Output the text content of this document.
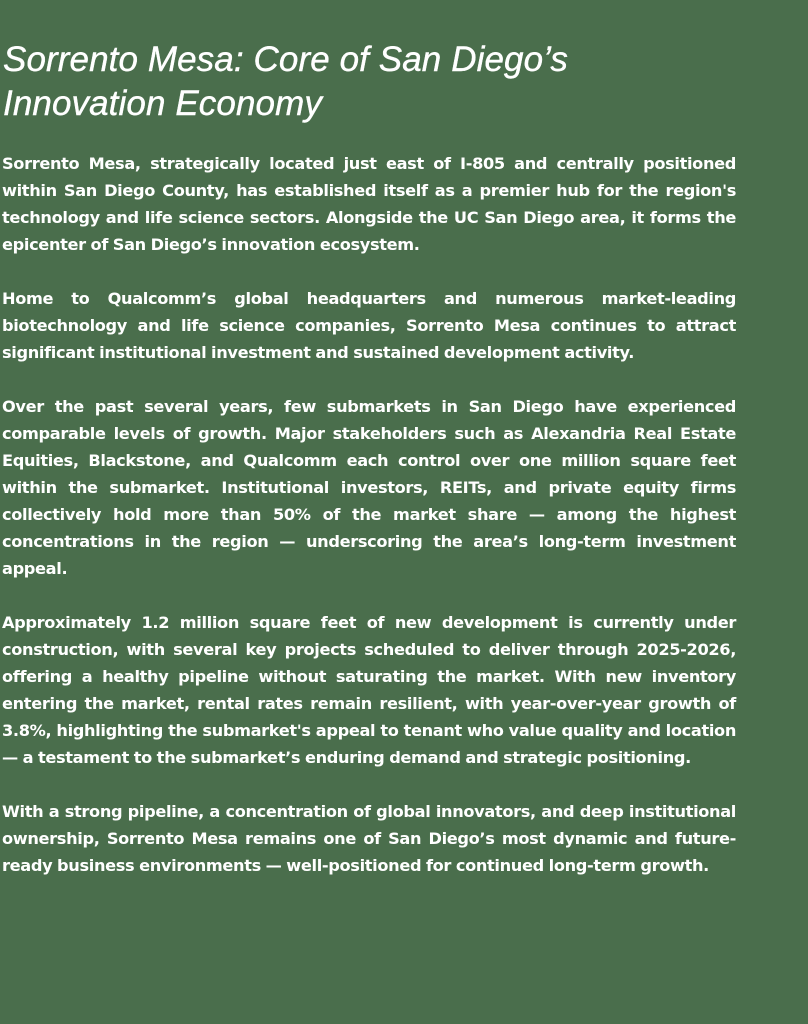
Sorrento Mesa: Core of San Diego’s Innovation Economy

Sorrento Mesa, strategically located just east of I-805 and centrally positioned within San Diego County, has established itself as a premier hub for the region's technology and life science sectors. Alongside the UC San Diego area, it forms the epicenter of San Diego’s innovation ecosystem.

Home to Qualcomm’s global headquarters and numerous market-leading biotechnology and life science companies, Sorrento Mesa continues to attract significant institutional investment and sustained development activity.

Over the past several years, few submarkets in San Diego have experienced comparable levels of growth. Major stakeholders such as Alexandria Real Estate Equities, Blackstone, and Qualcomm each control over one million square feet within the submarket. Institutional investors, REITs, and private equity firms collectively hold more than 50% of the market share — among the highest concentrations in the region — underscoring the area’s long-term investment appeal.

Approximately 1.2 million square feet of new development is currently under construction, with several key projects scheduled to deliver through 2025-2026, offering a healthy pipeline without saturating the market. With new inventory entering the market, rental rates remain resilient, with year-over-year growth of 3.8%, highlighting the submarket's appeal to tenant who value quality and location — a testament to the submarket’s enduring demand and strategic positioning.

With a strong pipeline, a concentration of global innovators, and deep institutional ownership, Sorrento Mesa remains one of San Diego’s most dynamic and future-ready business environments — well-positioned for continued long-term growth.
